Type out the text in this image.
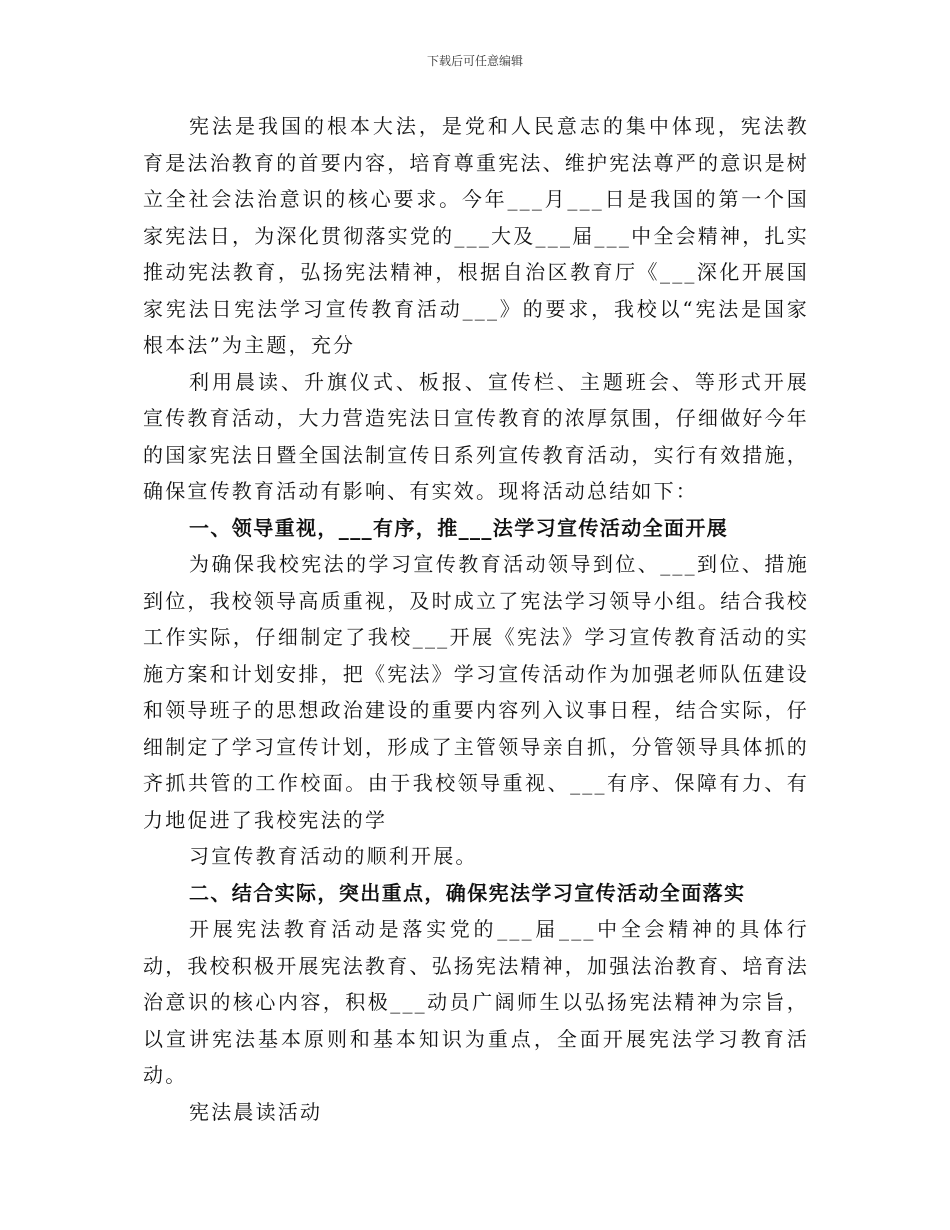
下载后可任意编辑

宪法是我国的根本大法，是党和人民意志的集中体现，宪法教育是法治教育的首要内容，培育尊重宪法、维护宪法尊严的意识是树立全社会法治意识的核心要求。今年___月___日是我国的第一个国家宪法日，为深化贯彻落实党的___大及___届___中全会精神，扎实推动宪法教育，弘扬宪法精神，根据自治区教育厅《___深化开展国家宪法日宪法学习宣传教育活动___》的要求，我校以“宪法是国家根本法”为主题，充分

利用晨读、升旗仪式、板报、宣传栏、主题班会、等形式开展宣传教育活动，大力营造宪法日宣传教育的浓厚氛围，仔细做好今年的国家宪法日暨全国法制宣传日系列宣传教育活动，实行有效措施，确保宣传教育活动有影响、有实效。现将活动总结如下：

一、领导重视，___有序，推___法学习宣传活动全面开展

为确保我校宪法的学习宣传教育活动领导到位、___到位、措施到位，我校领导高质重视，及时成立了宪法学习领导小组。结合我校工作实际，仔细制定了我校___开展《宪法》学习宣传教育活动的实施方案和计划安排，把《宪法》学习宣传活动作为加强老师队伍建设和领导班子的思想政治建设的重要内容列入议事日程，结合实际，仔细制定了学习宣传计划，形成了主管领导亲自抓，分管领导具体抓的齐抓共管的工作校面。由于我校领导重视、___有序、保障有力、有力地促进了我校宪法的学

习宣传教育活动的顺利开展。

二、结合实际，突出重点，确保宪法学习宣传活动全面落实

开展宪法教育活动是落实党的___届___中全会精神的具体行动，我校积极开展宪法教育、弘扬宪法精神，加强法治教育、培育法治意识的核心内容，积极___动员广阔师生以弘扬宪法精神为宗旨，以宣讲宪法基本原则和基本知识为重点，全面开展宪法学习教育活动。

宪法晨读活动
